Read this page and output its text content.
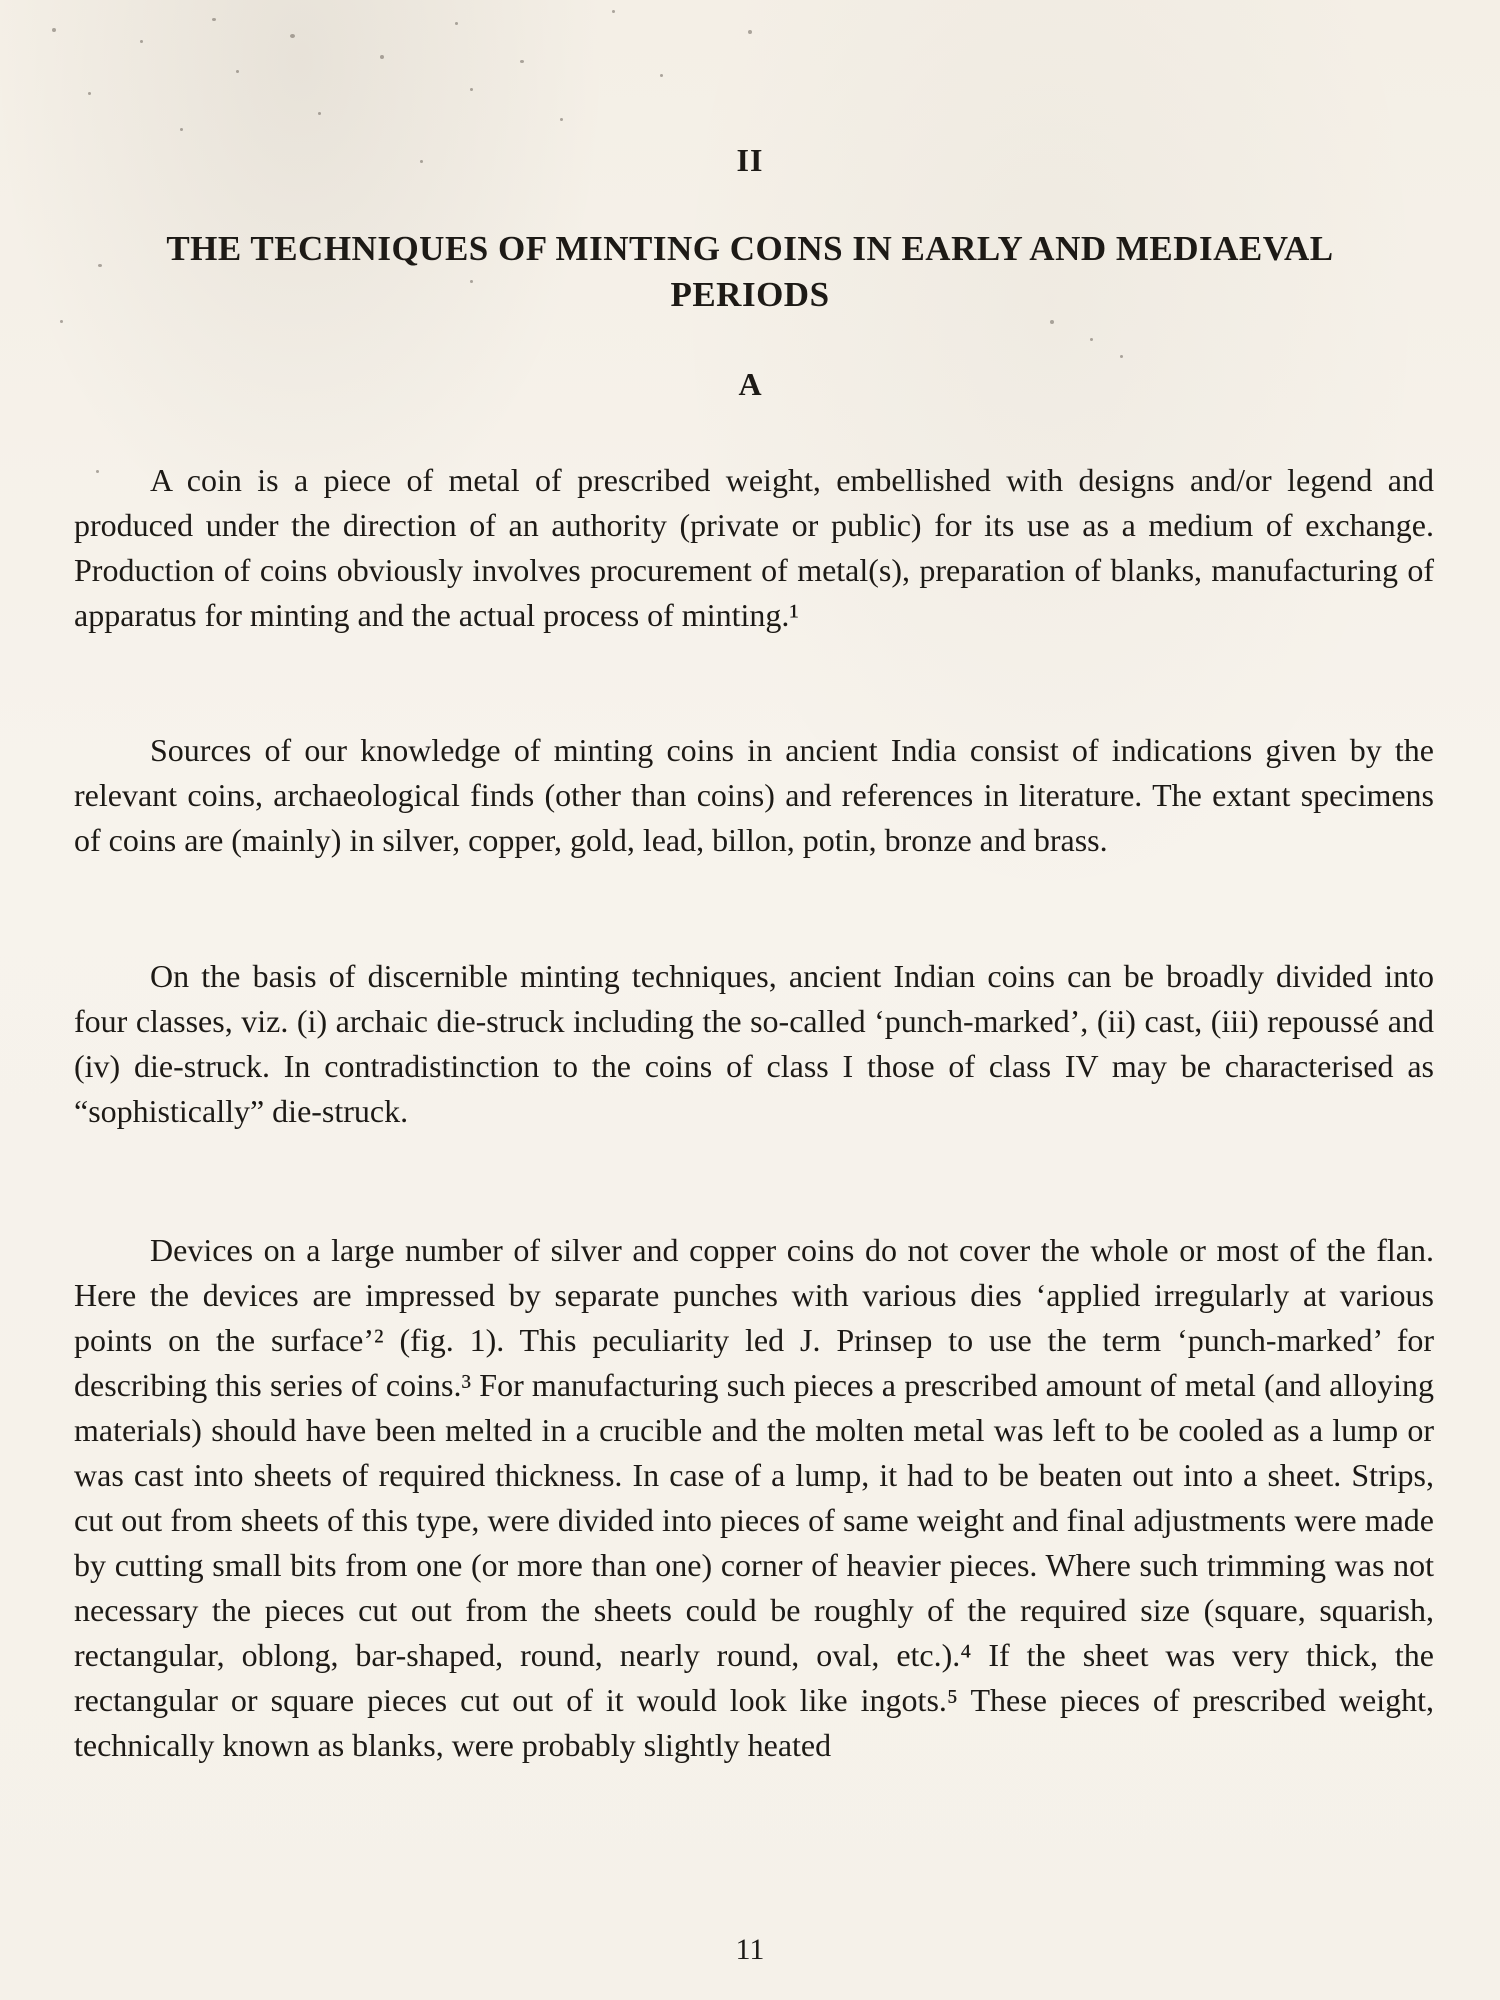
II
THE TECHNIQUES OF MINTING COINS IN EARLY AND MEDIAEVAL PERIODS
A

A coin is a piece of metal of prescribed weight, embellished with designs and/or legend and produced under the direction of an authority (private or public) for its use as a medium of exchange. Production of coins obviously involves procurement of metal(s), preparation of blanks, manufacturing of apparatus for minting and the actual process of minting.¹

Sources of our knowledge of minting coins in ancient India consist of indications given by the relevant coins, archaeological finds (other than coins) and references in literature. The extant specimens of coins are (mainly) in silver, copper, gold, lead, billon, potin, bronze and brass.

On the basis of discernible minting techniques, ancient Indian coins can be broadly divided into four classes, viz. (i) archaic die-struck including the so-called ‘punch-marked’, (ii) cast, (iii) repoussé and (iv) die-struck. In contradistinction to the coins of class I those of class IV may be characterised as “sophistically” die-struck.

Devices on a large number of silver and copper coins do not cover the whole or most of the flan. Here the devices are impressed by separate punches with various dies ‘applied irregularly at various points on the surface’² (fig. 1). This peculiarity led J. Prinsep to use the term ‘punch-marked’ for describing this series of coins.³ For manufacturing such pieces a prescribed amount of metal (and alloying materials) should have been melted in a crucible and the molten metal was left to be cooled as a lump or was cast into sheets of required thickness. In case of a lump, it had to be beaten out into a sheet. Strips, cut out from sheets of this type, were divided into pieces of same weight and final adjustments were made by cutting small bits from one (or more than one) corner of heavier pieces. Where such trimming was not necessary the pieces cut out from the sheets could be roughly of the required size (square, squarish, rectangular, oblong, bar-shaped, round, nearly round, oval, etc.).⁴ If the sheet was very thick, the rectangular or square pieces cut out of it would look like ingots.⁵ These pieces of prescribed weight, technically known as blanks, were probably slightly heated

11
